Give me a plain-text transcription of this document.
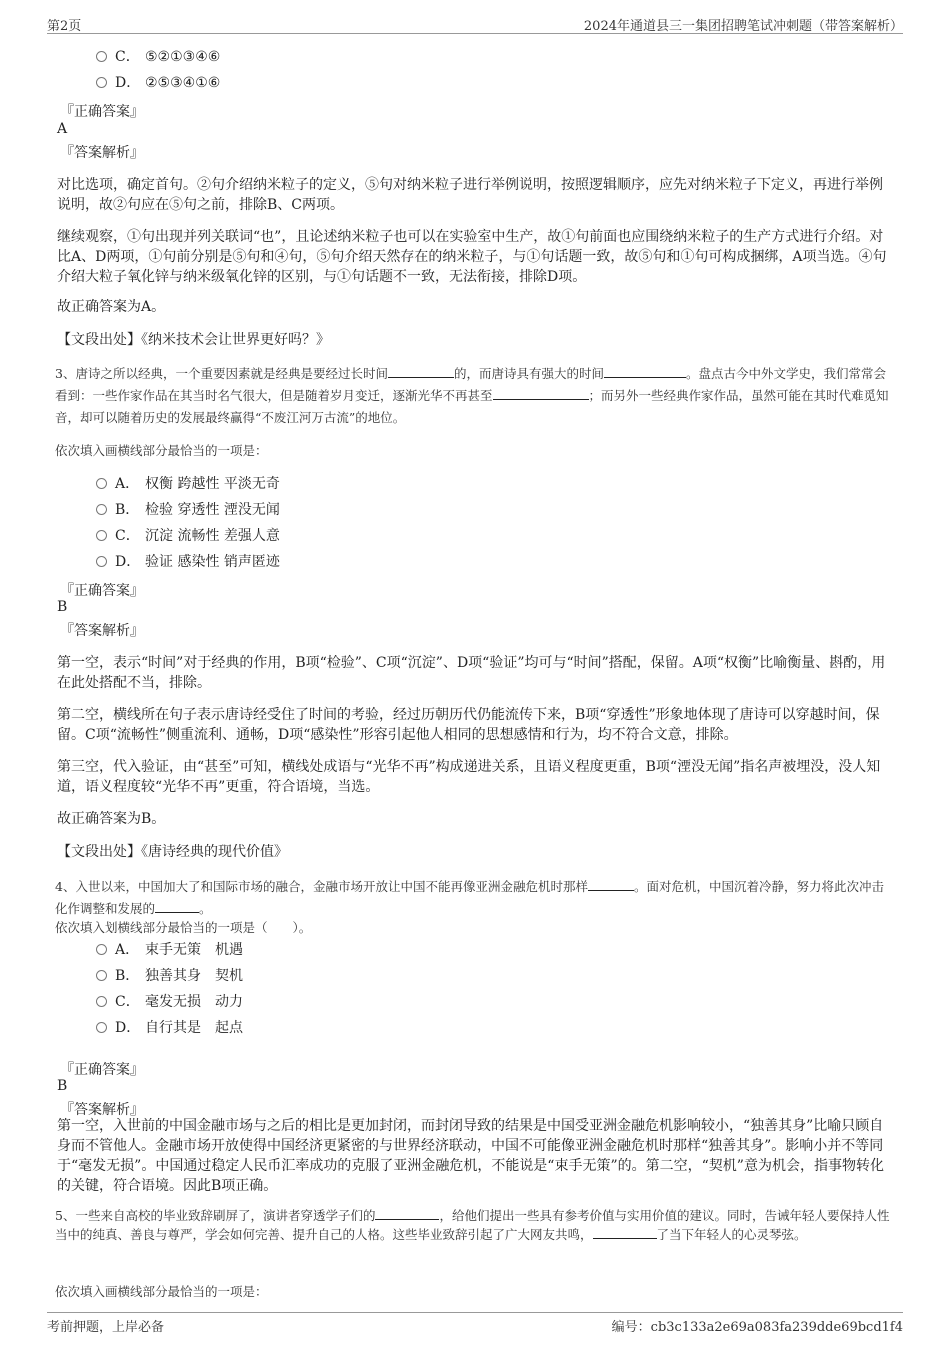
第2页	2024年通道县三一集团招聘笔试冲刺题（带答案解析）
C． ⑤②①③④⑥
D． ②⑤③④①⑥
『正确答案』
A
『答案解析』
对比选项，确定首句。②句介绍纳米粒子的定义，⑤句对纳米粒子进行举例说明，按照逻辑顺序，应先对纳米粒子下定义，再进行举例说明，故②句应在⑤句之前，排除B、C两项。
继续观察，①句出现并列关联词“也”，且论述纳米粒子也可以在实验室中生产，故①句前面也应围绕纳米粒子的生产方式进行介绍。对比A、D两项，①句前分别是⑤句和④句，⑤句介绍天然存在的纳米粒子，与①句话题一致，故⑤句和①句可构成捆绑，A项当选。④句介绍大粒子氧化锌与纳米级氧化锌的区别，与①句话题不一致，无法衔接，排除D项。
故正确答案为A。
【文段出处】《纳米技术会让世界更好吗？》
3、唐诗之所以经典，一个重要因素就是经典是要经过长时间	的，而唐诗具有强大的时间	。盘点古今中外文学史，我们常常会看到：一些作家作品在其当时名气很大，但是随着岁月变迁，逐渐光华不再甚至	；而另外一些经典作家作品，虽然可能在其时代难觅知音，却可以随着历史的发展最终赢得“不废江河万古流”的地位。
依次填入画横线部分最恰当的一项是：
A． 权衡 跨越性 平淡无奇
B． 检验 穿透性 湮没无闻
C． 沉淀 流畅性 差强人意
D． 验证 感染性 销声匿迹
『正确答案』
B
『答案解析』
第一空，表示“时间”对于经典的作用，B项“检验”、C项“沉淀”、D项“验证”均可与“时间”搭配，保留。A项“权衡”比喻衡量、斟酌，用在此处搭配不当，排除。
第二空，横线所在句子表示唐诗经受住了时间的考验，经过历朝历代仍能流传下来，B项“穿透性”形象地体现了唐诗可以穿越时间，保留。C项“流畅性”侧重流利、通畅，D项“感染性”形容引起他人相同的思想感情和行为，均不符合文意，排除。
第三空，代入验证，由“甚至”可知，横线处成语与“光华不再”构成递进关系，且语义程度更重，B项“湮没无闻”指名声被埋没，没人知道，语义程度较“光华不再”更重，符合语境，当选。
故正确答案为B。
【文段出处】《唐诗经典的现代价值》
4、入世以来，中国加大了和国际市场的融合，金融市场开放让中国不能再像亚洲金融危机时那样	。面对危机，中国沉着冷静，努力将此次冲击化作调整和发展的	。
依次填入划横线部分最恰当的一项是（　　）。
A． 束手无策　机遇
B． 独善其身　契机
C． 毫发无损　动力
D． 自行其是　起点
『正确答案』
B
『答案解析』
第一空，入世前的中国金融市场与之后的相比是更加封闭，而封闭导致的结果是中国受亚洲金融危机影响较小，“独善其身”比喻只顾自身而不管他人。金融市场开放使得中国经济更紧密的与世界经济联动，中国不可能像亚洲金融危机时那样“独善其身”。影响小并不等同于“毫发无损”。中国通过稳定人民币汇率成功的克服了亚洲金融危机，不能说是“束手无策”的。第二空，“契机”意为机会，指事物转化的关键，符合语境。因此B项正确。
5、一些来自高校的毕业致辞刷屏了，演讲者穿透学子们的	，给他们提出一些具有参考价值与实用价值的建议。同时，告诫年轻人要保持人性当中的纯真、善良与尊严，学会如何完善、提升自己的人格。这些毕业致辞引起了广大网友共鸣，	了当下年轻人的心灵琴弦。
依次填入画横线部分最恰当的一项是：
考前押题，上岸必备	编号：cb3c133a2e69a083fa239dde69bcd1f4
